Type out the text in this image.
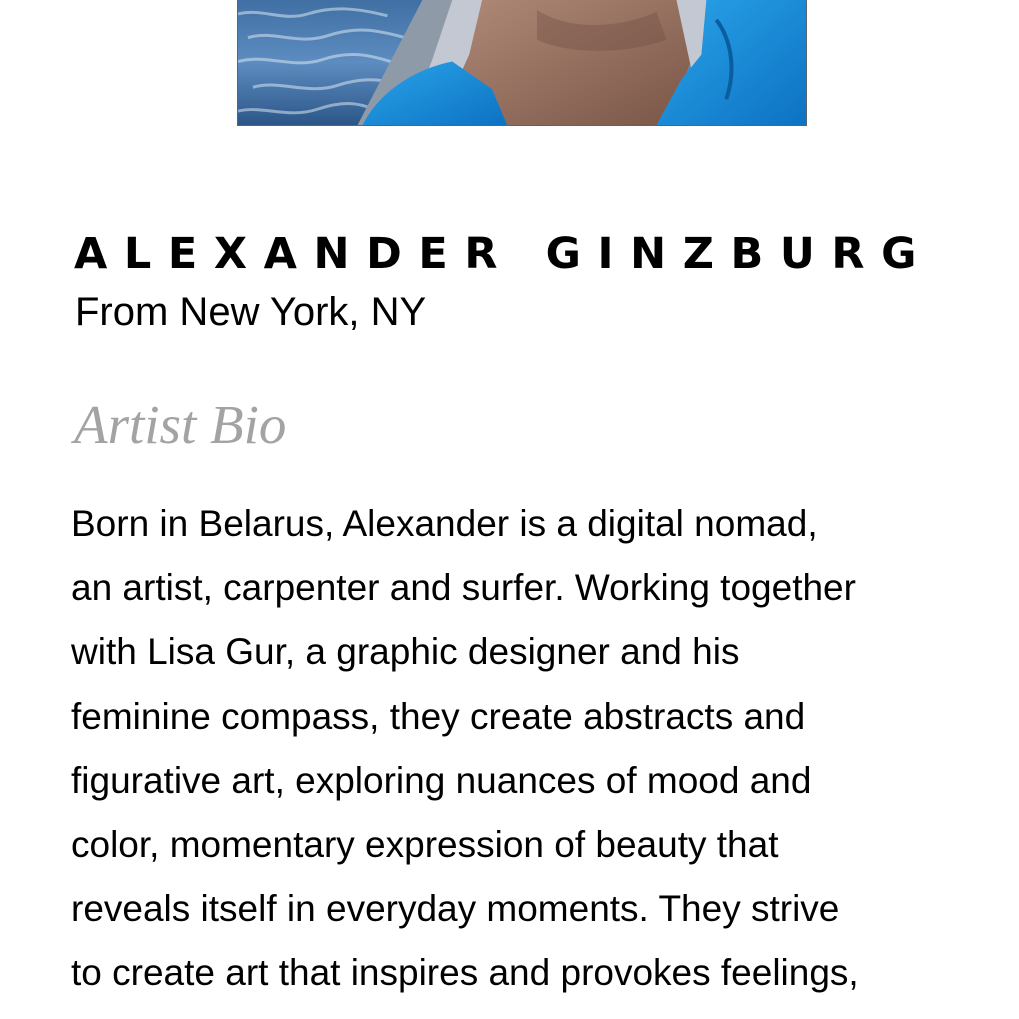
ALEXANDER GINZBURG

From New York, NY

Artist Bio
Born in Belarus, Alexander is a digital nomad,
an artist, carpenter and surfer. Working together
with Lisa Gur, a graphic designer and his
feminine compass, they create abstracts and
figurative art, exploring nuances of mood and
color, momentary expression of beauty that
reveals itself in everyday moments. They strive
to create art that inspires and provokes feelings,
